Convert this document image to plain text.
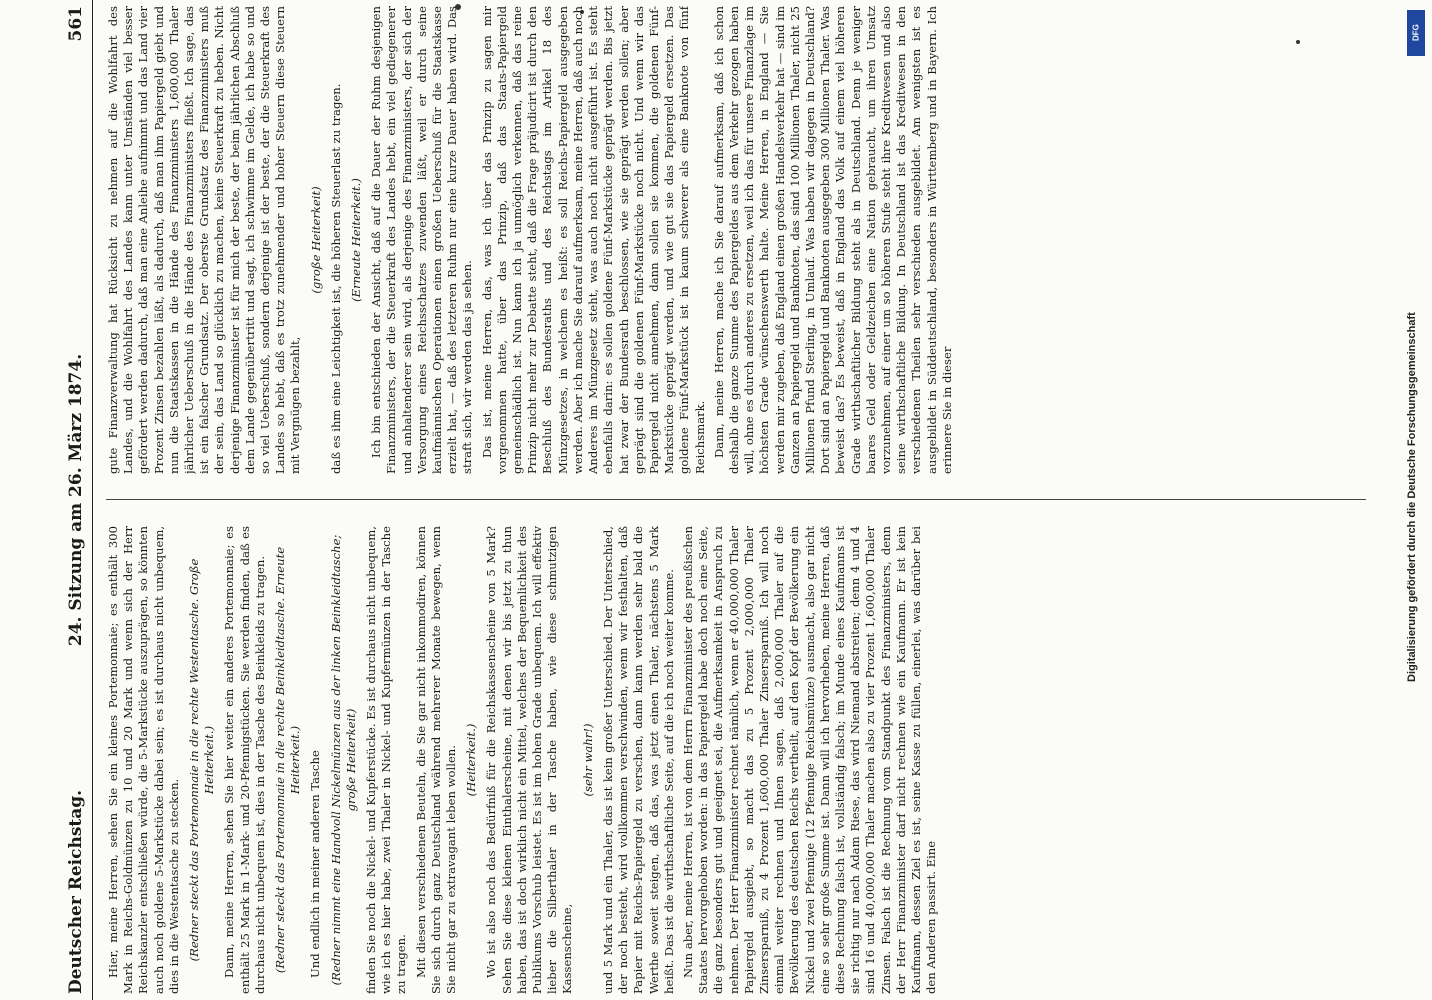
Deutscher Reichstag.
24. Sitzung am 26. März 1874.
561

Hier, meine Herren, sehen Sie ein kleines Portemonnaie; es enthält 300 Mark in Reichs-Goldmünzen zu 10 und 20 Mark und wenn sich der Herr Reichskanzler entschließen würde, die 5-Markstücke auszuprägen, so könnten auch noch goldene 5-Markstücke dabei sein; es ist durchaus nicht unbequem, dies in die Westentasche zu stecken. (Redner steckt das Portemonnaie in die rechte Westentasche. Große Heiterkeit.) Dann, meine Herren, sehen Sie hier weiter ein anderes Portemonnaie; es enthält 25 Mark in 1-Mark- und 20-Pfennigstücken. Sie werden finden, daß es durchaus nicht unbequem ist, dies in der Tasche des Beinkleids zu tragen. (Redner steckt das Portemonnaie in die rechte Beinkleidtasche. Erneute Heiterkeit.) Und endlich in meiner anderen Tasche (Redner nimmt eine Handvoll Nickelmünzen aus der linken Beinkleidtasche; große Heiterkeit) finden Sie noch die Nickel- und Kupferstücke. Es ist durchaus nicht unbequem, wie ich es hier habe, zwei Thaler in Nickel- und Kupfermünzen in der Tasche zu tragen. Mit diesen verschiedenen Beuteln, die Sie gar nicht inkommodiren, können Sie sich durch ganz Deutschland während mehrerer Monate bewegen, wenn Sie nicht gar zu extravagant leben wollen. (Heiterkeit.) Wo ist also noch das Bedürfniß für die Reichskassenscheine von 5 Mark? Sehen Sie diese kleinen Einthalerscheine, mit denen wir bis jetzt zu thun haben, das ist doch wirklich nicht ein Mittel, welches der Bequemlichkeit des Publikums Vorschub leistet. Es ist im hohen Grade unbequem. Ich will effektiv lieber die Silberthaler in der Tasche haben, wie diese schmutzigen Kassenscheine,

(sehr wahr!) und 5 Mark und ein Thaler, das ist kein großer Unterschied. Der Unterschied, der noch besteht, wird vollkommen verschwinden, wenn wir festhalten, daß Papier mit Reichs-Papiergeld zu verschen, dann kann werden sehr bald die Werthe soweit steigen, daß das, was jetzt einen Thaler, nächstens 5 Mark heißt. Das ist die wirthschaftliche Seite, auf die ich noch weiter komme. Nun aber, meine Herren, ist von dem Herrn Finanzminister des preußischen Staates hervorgehoben worden: in das Papiergeld habe doch noch eine Seite, die ganz besonders gut und geeignet sei, die Aufmerksamkeit in Anspruch zu nehmen. Der Herr Finanzminister rechnet nämlich, wenn er 40,000,000 Thaler Papiergeld ausgiebt, so macht das zu 5 Prozent 2,000,000 Thaler Zinsersparniß, zu 4 Prozent 1,600,000 Thaler Zinsersparniß. Ich will noch einmal weiter rechnen und Ihnen sagen, daß 2,000,000 Thaler auf die Bevölkerung des deutschen Reichs vertheilt, auf den Kopf der Bevölkerung ein Nickel und zwei Pfennige (12 Pfennige Reichsmünze) ausmacht, also gar nicht eine so sehr große Summe ist. Dann will ich hervorheben, meine Herren, daß diese Rechnung falsch ist, vollständig falsch; im Munde eines Kaufmanns ist sie richtig nur nach Adam Riese, das wird Niemand abstreiten; denn 4 und 4 sind 16 und 40,000,000 Thaler machen also zu vier Prozent 1,600,000 Thaler Zinsen. Falsch ist die Rechnung vom Standpunkt des Finanzministers, denn der Herr Finanzminister darf nicht rechnen wie ein Kaufmann. Er ist kein Kaufmann, dessen Ziel es ist, seine Kasse zu füllen, einerlei, was darüber bei den Anderen passirt. Eine

gute Finanzverwaltung hat Rücksicht zu nehmen auf die Wohlfahrt des Landes, und die Wohlfahrt des Landes kann unter Umständen viel besser gefördert werden dadurch, daß man eine Anleihe aufnimmt und das Land vier Prozent Zinsen bezahlen läßt, als dadurch, daß man ihm Papiergeld giebt und nun die Staatskassen in die Hände des Finanzministers 1,600,000 Thaler jährlicher Ueberschuß in die Hände des Finanzministers fließt. Ich sage, das ist ein falscher Grundsatz. Der oberste Grundsatz des Finanzministers muß der sein, das Land so glücklich zu machen, keine Steuerkraft zu heben. Nicht derjenige Finanzminister ist für mich der beste, der beim jährlichen Abschluß dem Lande gegenübertritt und sagt, ich schwimme im Gelde, ich habe so und so viel Ueberschuß, sondern derjenige ist der beste, der die Steuerkraft des Landes so hebt, daß es trotz zunehmender und hoher Steuern diese Steuern mit Vergnügen bezahlt,

(große Heiterkeit) daß es ihm eine Leichtigkeit ist, die höheren Steuerlast zu tragen. (Erneute Heiterkeit.) Ich bin entschieden der Ansicht, daß auf die Dauer der Ruhm desjenigen Finanzministers, der die Steuerkraft des Landes hebt, ein viel gediegenerer und anhaltenderer sein wird, als derjenige des Finanzministers, der sich der Versorgung eines Reichsschatzes zuwenden läßt, weil er durch seine kaufmännischen Operationen einen großen Ueberschuß für die Staatskasse erzielt hat, — daß des letzteren Ruhm nur eine kurze Dauer haben wird. Das straft sich, wir werden das ja sehen. Das ist, meine Herren, das, was ich über das Prinzip zu sagen mir vorgenommen hatte, über das Prinzip, daß das Staats-Papiergeld gemeinschädlich ist. Nun kann ich ja unmöglich verkennen, daß das reine Prinzip nicht mehr zur Debatte steht, daß die Frage präjudicirt ist durch den Beschluß des Bundesraths und des Reichstags im Artikel 18 des Münzgesetzes, in welchem es heißt: es soll Reichs-Papiergeld ausgegeben werden. Aber ich mache Sie darauf aufmerksam, meine Herren, daß auch noch Anderes im Münzgesetz steht, was auch noch nicht ausgeführt ist. Es steht ebenfalls darin: es sollen goldene Fünf-Markstücke geprägt werden. Bis jetzt hat zwar der Bundesrath beschlossen, wie sie geprägt werden sollen; aber geprägt sind die goldenen Fünf-Markstücke noch nicht. Und wenn wir das Papiergeld nicht annehmen, dann sollen sie kommen, die goldenen Fünf-Markstücke geprägt werden, und wie gut sie das Papiergeld ersetzen. Das goldene Fünf-Markstück ist in kaum schwerer als eine Banknote von fünf Reichsmark. Dann, meine Herren, mache ich Sie darauf aufmerksam, daß ich schon deshalb die ganze Summe des Papiergeldes aus dem Verkehr gezogen haben will, ohne es durch anderes zu ersetzen, weil ich das für unsere Finanzlage im höchsten Grade wünschenswerth halte. Meine Herren, in England — Sie werden mir zugeben, daß England einen großen Handelsverkehr hat — sind im Ganzen an Papiergeld und Banknoten, das sind 100 Millionen Thaler, nicht 25 Millionen Pfund Sterling, in Umlauf. Was haben wir dagegen in Deutschland? Dort sind an Papiergeld und Banknoten ausgegeben 300 Millionen Thaler. Was beweist das? Es beweist, daß in England das Volk auf einem viel höheren Grade wirthschaftlicher Bildung steht als in Deutschland. Denn je weniger baares Geld oder Geldzeichen eine Nation gebraucht, um ihren Umsatz vorzunehmen, auf einer um so höheren Stufe steht ihre Kreditwesen und also seine wirthschaftliche Bildung. In Deutschland ist das Kreditwesen in den verschiedenen Theilen sehr verschieden ausgebildet. Am wenigsten ist es ausgebildet in Süddeutschland, besonders in Württemberg und in Bayern. Ich erinnere Sie in dieser

DFG
Digitalisierung gefördert durch die Deutsche Forschungsgemeinschaft
